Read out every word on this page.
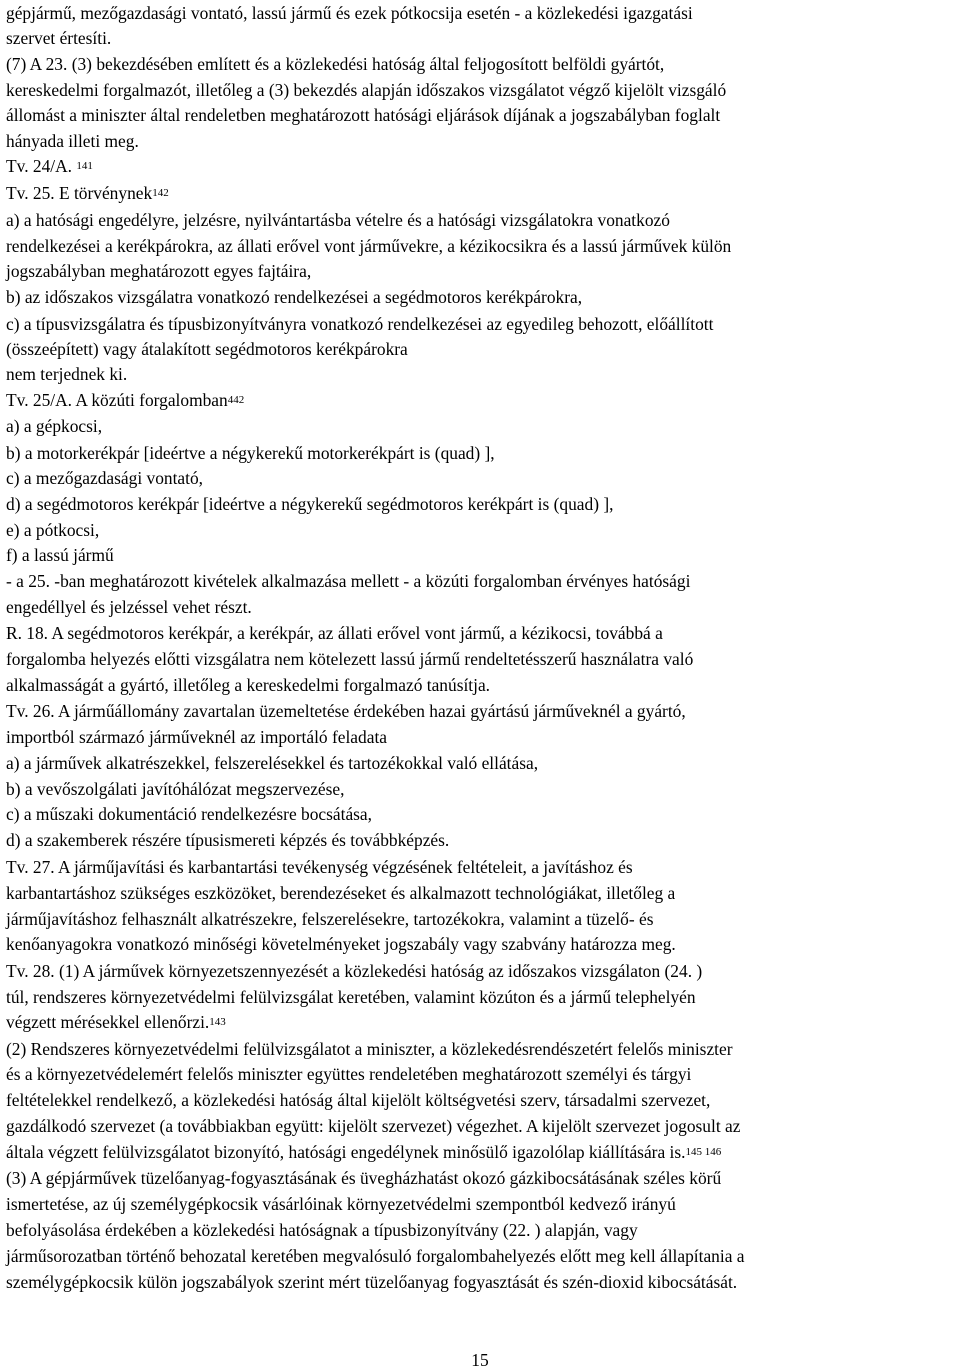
gépjármű, mezőgazdasági vontató, lassú jármű és ezek pótkocsija esetén - a közlekedési igazgatási
szervet értesíti.
(7) A 23. (3) bekezdésében említett és a közlekedési hatóság által feljogosított belföldi gyártót,
kereskedelmi forgalmazót, illetőleg a (3) bekezdés alapján időszakos vizsgálatot végző kijelölt vizsgáló
állomást a miniszter által rendeletben meghatározott hatósági eljárások díjának a jogszabályban foglalt
hányada illeti meg.
Tv. 24/A. $^{141}$
Tv. 25. E törvénynek$^{142}$
a) a hatósági engedélyre, jelzésre, nyilvántartásba vételre és a hatósági vizsgálatokra vonatkozó
rendelkezései a kerékpárokra, az állati erővel vont járművekre, a kézikocsikra és a lassú járművek külön
jogszabályban meghatározott egyes fajtáira,
b) az időszakos vizsgálatra vonatkozó rendelkezései a segédmotoros kerékpárokra,
c) a típusvizsgálatra és típusbizonyítványra vonatkozó rendelkezései az egyedileg behozott, előállított
(összeépített) vagy átalakított segédmotoros kerékpárokra
nem terjednek ki.
Tv. 25/A. A közúti forgalomban$^{442}$
a) a gépkocsi,
b) a motorkerékpár [ideértve a négykerekű motorkerékpárt is (quad) ],
c) a mezőgazdasági vontató,
d) a segédmotoros kerékpár [ideértve a négykerekű segédmotoros kerékpárt is (quad) ],
e) a pótkocsi,
f) a lassú jármű
- a 25. -ban meghatározott kivételek alkalmazása mellett - a közúti forgalomban érvényes hatósági
engedéllyel és jelzéssel vehet részt.
R. 18. A segédmotoros kerékpár, a kerékpár, az állati erővel vont jármű, a kézikocsi, továbbá a
forgalomba helyezés előtti vizsgálatra nem kötelezett lassú jármű rendeltetésszerű használatra való
alkalmasságát a gyártó, illetőleg a kereskedelmi forgalmazó tanúsítja.
Tv. 26. A járműállomány zavartalan üzemeltetése érdekében hazai gyártású járműveknél a gyártó,
importból származó járműveknél az importáló feladata
a) a járművek alkatrészekkel, felszerelésekkel és tartozékokkal való ellátása,
b) a vevőszolgálati javítóhálózat megszervezése,
c) a műszaki dokumentáció rendelkezésre bocsátása,
d) a szakemberek részére típusismereti képzés és továbbképzés.
Tv. 27. A járműjavítási és karbantartási tevékenység végzésének feltételeit, a javításhoz és
karbantartáshoz szükséges eszközöket, berendezéseket és alkalmazott technológiákat, illetőleg a
járműjavításhoz felhasznált alkatrészekre, felszerelésekre, tartozékokra, valamint a tüzelő- és
kenőanyagokra vonatkozó minőségi követelményeket jogszabály vagy szabvány határozza meg.
Tv. 28. (1) A járművek környezetszennyezését a közlekedési hatóság az időszakos vizsgálaton (24. )
túl, rendszeres környezetvédelmi felülvizsgálat keretében, valamint közúton és a jármű telephelyén
végzett mérésekkel ellenőrzi.$^{143}$
(2) Rendszeres környezetvédelmi felülvizsgálatot a miniszter, a közlekedésrendészetért felelős miniszter
és a környezetvédelemért felelős miniszter együttes rendeletében meghatározott személyi és tárgyi
feltételekkel rendelkező, a közlekedési hatóság által kijelölt költségvetési szerv, társadalmi szervezet,
gazdálkodó szervezet (a továbbiakban együtt: kijelölt szervezet) végezhet. A kijelölt szervezet jogosult az
általa végzett felülvizsgálatot bizonyító, hatósági engedélynek minősülő igazolólap kiállítására is.$^{145 146}$
(3) A gépjárművek tüzelőanyag-fogyasztásának és üvegházhatást okozó gázkibocsátásának széles körű
ismertetése, az új személygépkocsik vásárlóinak környezetvédelmi szempontból kedvező irányú
befolyásolása érdekében a közlekedési hatóságnak a típusbizonyítvány (22. ) alapján, vagy
járműsorozatban történő behozatal keretében megvalósuló forgalombahelyezés előtt meg kell állapítania a
személygépkocsik külön jogszabályok szerint mért tüzelőanyag fogyasztását és szén-dioxid kibocsátását.
15
